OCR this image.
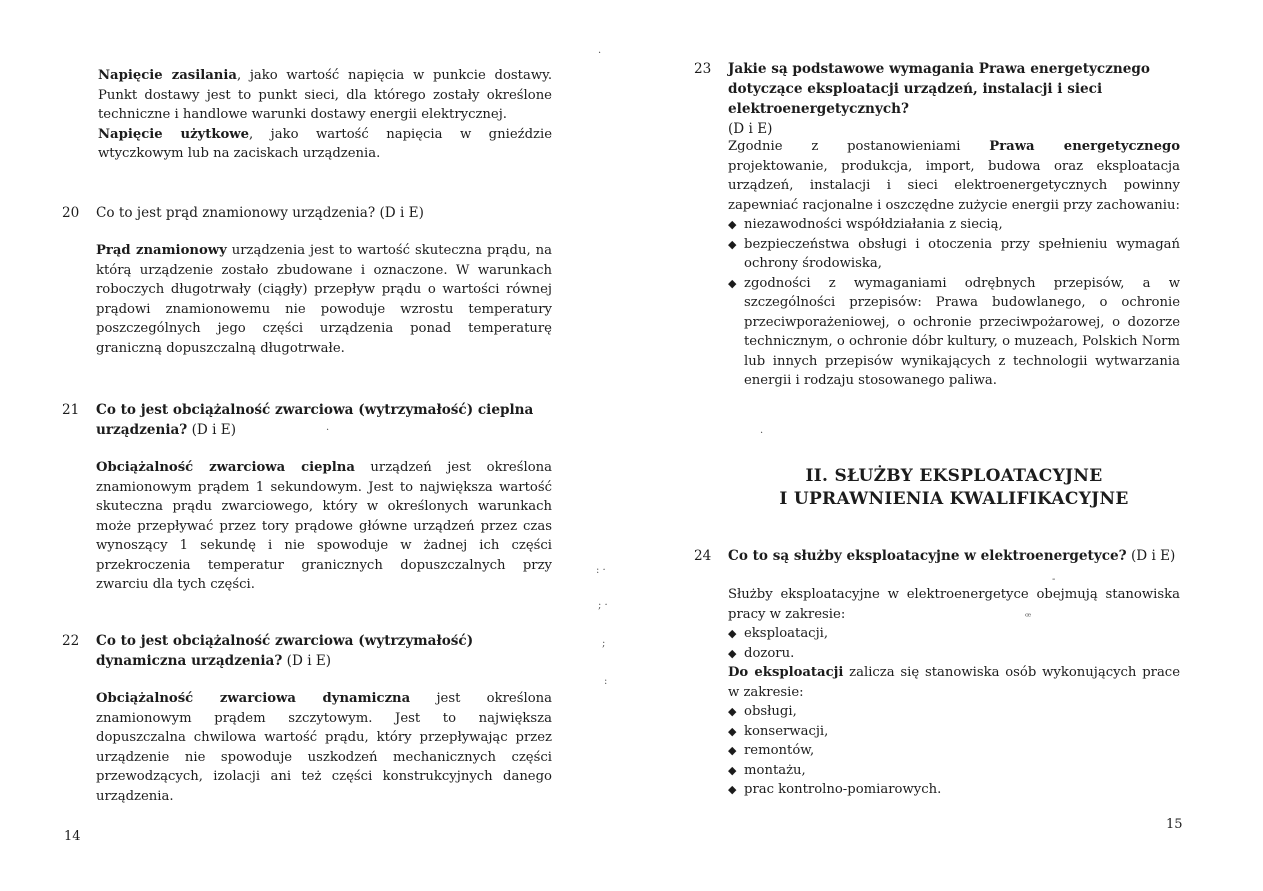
Napięcie zasilania, jako wartość napięcia w punkcie dostawy. Punkt dostawy jest to punkt sieci, dla którego zostały określone techniczne i handlowe warunki dostawy energii elektrycznej.
Napięcie użytkowe, jako wartość napięcia w gnieździe wtyczkowym lub na zaciskach urządzenia.
20 Co to jest prąd znamionowy urządzenia? (D i E)
Prąd znamionowy urządzenia jest to wartość skuteczna prądu, na którą urządzenie zostało zbudowane i oznaczone. W warunkach roboczych długotrwały (ciągły) przepływ prądu o wartości równej prądowi znamionowemu nie powoduje wzrostu temperatury poszczególnych jego części urządzenia ponad temperaturę graniczną dopuszczalną długotrwałe.
21 Co to jest obciążalność zwarciowa (wytrzymałość) cieplna urządzenia? (D i E)
Obciążalność zwarciowa cieplna urządzeń jest określona znamionowym prądem 1 sekundowym. Jest to największa wartość skutecznа prądu zwarciowego, który w określonych warunkach może przepływać przez tory prądowe główne urządzeń przez czas wynoszący 1 sekundę i nie spowoduje w żadnej ich części przekroczenia temperatur granicznych dopuszczalnych przy zwarciu dla tych części.
22 Co to jest obciążalność zwarciowa (wytrzymałość) dynamiczna urządzenia? (D i E)
Obciążalność zwarciowa dynamiczna jest określona znamionowym prądem szczytowym. Jest to największa dopuszczalna chwilowa wartość prądu, który przepływając przez urządzenie nie spowoduje uszkodzeń mechanicznych części przewodzących, izolacji ani też części konstrukcyjnych danego urządzenia.
14
·
: ·
; ·
;
:
·
23 Jakie są podstawowe wymagania Prawa energetycznego dotyczące eksploatacji urządzeń, instalacji i sieci elektroenergetycznych?
(D i E)
Zgodnie z postanowieniami Prawa energetycznego projektowanie, produkcja, import, budowa oraz eksploatacja urządzeń, instalacji i sieci elektroenergetycznych powinny zapewniać racjonalne i oszczędne zużycie energii przy zachowaniu:
◆ niezawodności współdziałania z siecią,
◆ bezpieczeństwa obsługi i otoczenia przy spełnieniu wymagań ochrony środowiska,
◆ zgodności z wymaganiami odrębnych przepisów, a w szczególności przepisów: Prawa budowlanego, o ochronie przeciwporażeniowej, o ochronie przeciwpożarowej, o dozorze technicznym, o ochronie dóbr kultury, o muzeach, Polskich Norm lub innych przepisów wynikających z technologii wytwarzania energii i rodzaju stosowanego paliwa.
II. SŁUŻBY EKSPLOATACYJNE
I UPRAWNIENIA KWALIFIKACYJNE
24 Co to są służby eksploatacyjne w elektroenergetyce? (D i E)
Służby eksploatacyjne w elektroenergetyce obejmują stanowiska pracy w zakresie:
◆ eksploatacji,
◆ dozoru.
Do eksploatacji zalicza się stanowiska osób wykonujących prace w zakresie:
◆ obsługi,
◆ konserwacji,
◆ remontów,
◆ montażu,
◆ prac kontrolno-pomiarowych.
15
·
ꟹ
-
